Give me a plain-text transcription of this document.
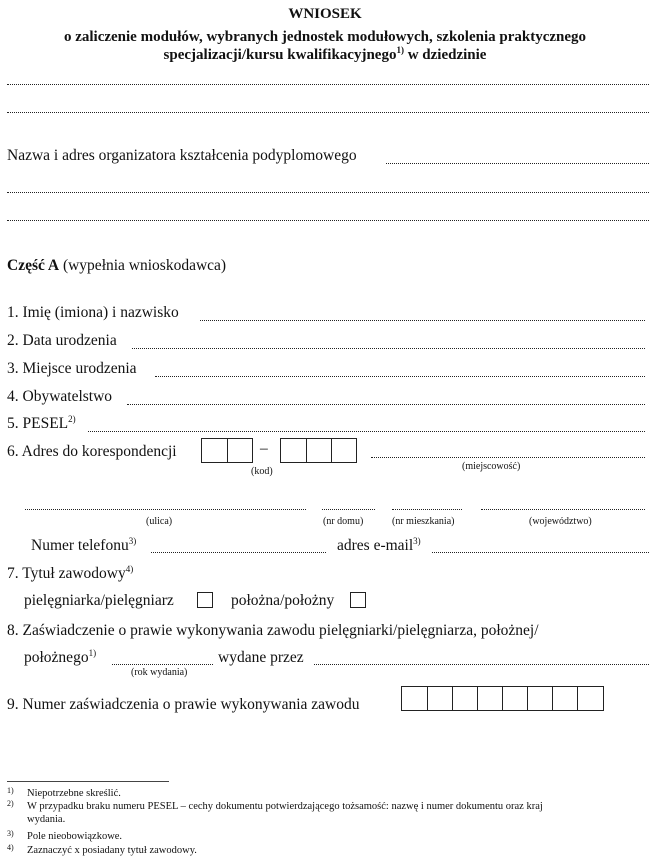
WNIOSEK
o zaliczenie modułów, wybranych jednostek modułowych, szkolenia praktycznego
specjalizacji/kursu kwalifikacyjnego$^{1)}$ w dziedzinie
Nazwa i adres organizatora kształcenia podyplomowego
Część A (wypełnia wnioskodawca)
1. Imię (imiona) i nazwisko
2. Data urodzenia
3. Miejsce urodzenia
4. Obywatelstwo
5. PESEL$^{2)}$
6. Adres do korespondencji	–
(kod)	(miejscowość)
(ulica)	(nr domu)	(nr mieszkania)	(województwo)
Numer telefonu$^{3)}$	adres e-mail$^{3)}$
7. Tytuł zawodowy$^{4)}$
pielęgniarka/pielęgniarz	położna/położny
8. Zaświadczenie o prawie wykonywania zawodu pielęgniarki/pielęgniarza, położnej/
położnego$^{1)}$	wydane przez
(rok wydania)
9. Numer zaświadczenia o prawie wykonywania zawodu
1) Niepotrzebne skreślić.
2) W przypadku braku numeru PESEL – cechy dokumentu potwierdzającego tożsamość: nazwę i numer dokumentu oraz kraj
wydania.
3) Pole nieobowiązkowe.
4) Zaznaczyć x posiadany tytuł zawodowy.
